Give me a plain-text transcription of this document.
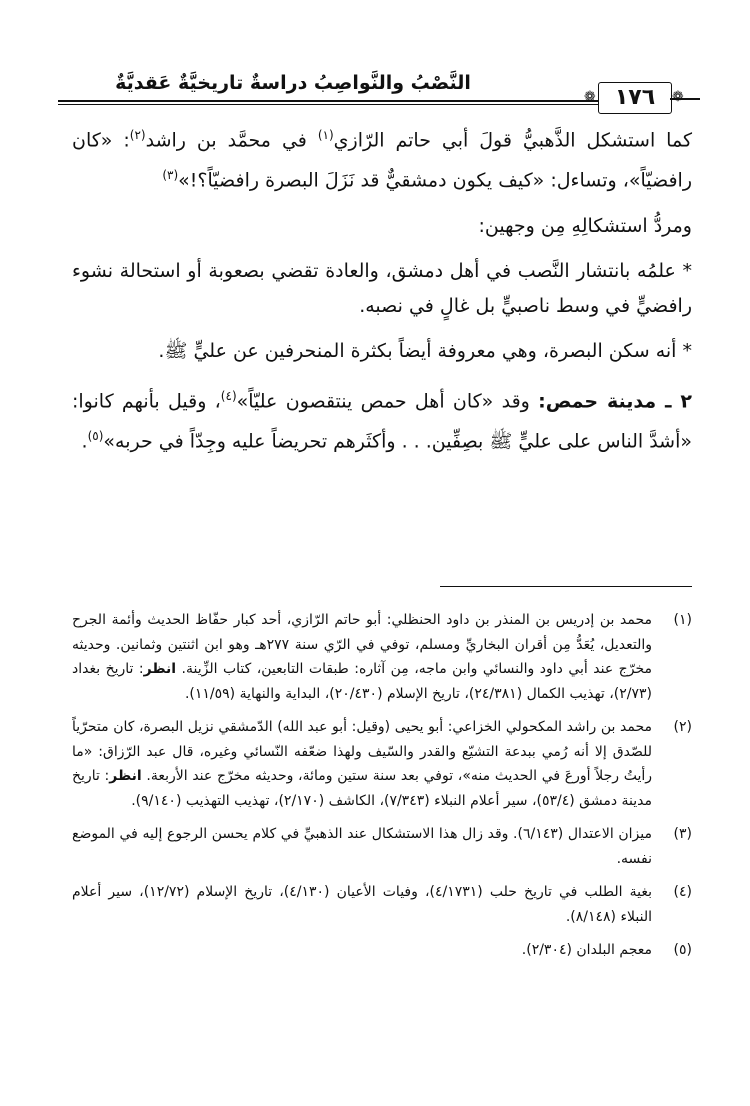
النَّصْبُ والنَّواصِبُ دراسةٌ تاريخيَّةٌ عَقديَّةٌ
❁ ١٧٦	❁

كما استشكل الذَّهبيُّ قولَ أبي حاتم الرّازي$^{(١)}$ في محمَّد بن راشد$^{(٢)}$: «كان رافضيّاً»، وتساءل: «كيف يكون دمشقيٌّ قد نَزَلَ البصرة رافضيّاً؟!»$^{(٣)}$

ومردُّ استشكالِهِ مِن وجهين:

* علمُه بانتشار النَّصب في أهل دمشق، والعادة تقضي بصعوبة أو استحالة نشوء رافضيٍّ في وسط ناصبيٍّ بل غالٍ في نصبه.

* أنه سكن البصرة، وهي معروفة أيضاً بكثرة المنحرفين عن عليٍّ ﷺ.

٢ ـ مدينة حمص: وقد «كان أهل حمص ينتقصون عليّاً»$^{(٤)}$، وقيل بأنهم كانوا: «أشدَّ الناس على عليٍّ ﷺ بصِفِّين. . . وأكثَرهم تحريضاً عليه وجِدّاً في حربه»$^{(٥)}$.

(١)
محمد بن إدريس بن المنذر بن داود الحنظلي: أبو حاتم الرّازي، أحد كبار حفّاظ الحديث وأئمة الجرح والتعديل، يُعَدُّ مِن أقران البخاريِّ ومسلم، توفي في الرّي سنة ٢٧٧هـ وهو ابن اثنتين وثمانين. وحديثه مخرّج عند أبي داود والنسائي وابن ماجه، مِن آثاره: طبقات التابعين، كتاب الزِّينة. انظر: تاريخ بغداد (٢/٧٣)، تهذيب الكمال (٢٤/٣٨١)، تاريخ الإسلام (٢٠/٤٣٠)، البداية والنهاية (١١/٥٩).
(٢)
محمد بن راشد المكحولي الخزاعي: أبو يحيى (وقيل: أبو عبد الله) الدّمشقي نزيل البصرة، كان متحرّياً للصّدق إلا أنه رُمي ببدعة التشيّع والقدر والسّيف ولهذا ضعّفه النّسائي وغيره، قال عبد الرّزاق: «ما رأيتُ رجلاً أورعَ في الحديث منه»، توفي بعد سنة ستين ومائة، وحديثه مخرّج عند الأربعة. انظر: تاريخ مدينة دمشق (٥٣/٤)، سير أعلام النبلاء (٧/٣٤٣)، الكاشف (٢/١٧٠)، تهذيب التهذيب (٩/١٤٠).
(٣)
ميزان الاعتدال (٦/١٤٣). وقد زال هذا الاستشكال عند الذهبيِّ في كلام يحسن الرجوع إليه في الموضع نفسه.
(٤)
بغية الطلب في تاريخ حلب (٤/١٧٣١)، وفيات الأعيان (٤/١٣٠)، تاريخ الإسلام (١٢/٧٢)، سير أعلام النبلاء (٨/١٤٨).
(٥)
معجم البلدان (٢/٣٠٤).
